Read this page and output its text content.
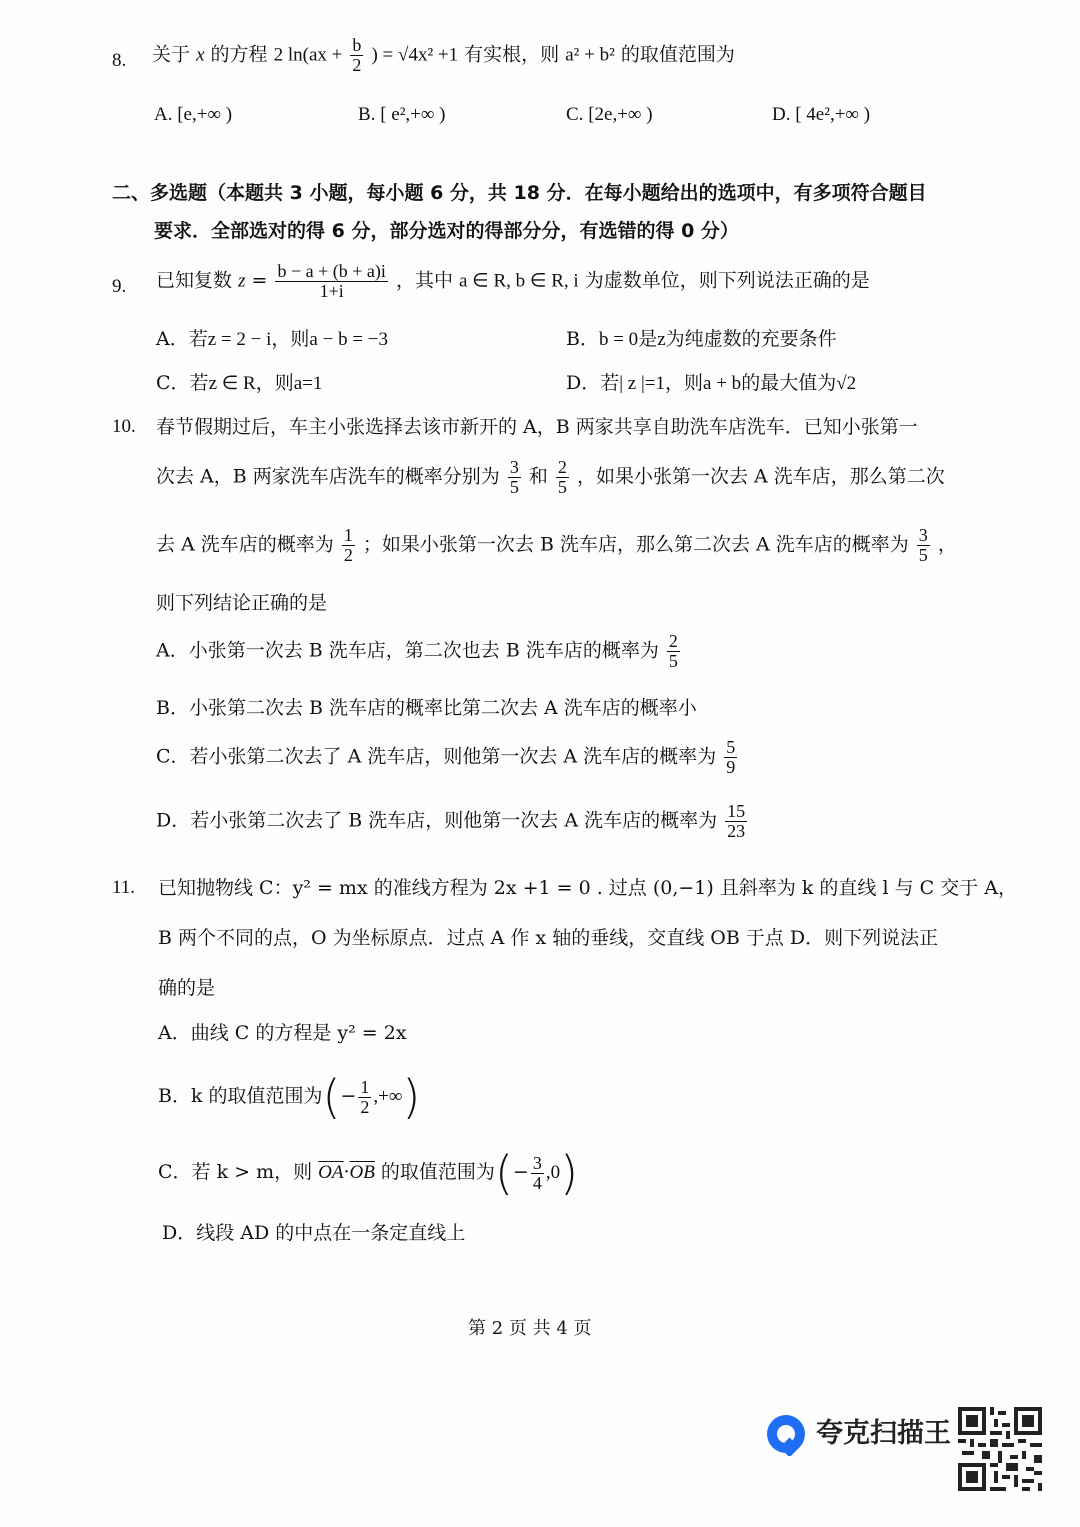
8. 关于 x 的方程 2 $\ln(ax + \frac{b}{2}$ ) = √4x² +1 有实根，则 a² + b² 的取值范围为
A. [e,+∞ )	B. [ e²,+∞ )	C. [2e,+∞ )	D. [ 4e²,+∞ )
二、多选题（本题共 3 小题，每小题 6 分，共 18 分．在每小题给出的选项中，有多项符合题目
要求．全部选对的得 6 分，部分选对的得部分分，有选错的得 0 分）
9. 已知复数 $z = \frac{b - a + (b + a)i}{1+i}$ ，其中 a ∈ R, b ∈ R, i 为虚数单位，则下列说法正确的是
A．若z = 2 − i，则a − b = −3	B．b = 0是z为纯虚数的充要条件
C．若z ∈ R，则a=1	D．若| z |=1，则a + b的最大值为√2
10. 春节假期过后，车主小张选择去该市新开的 A，B 两家共享自助洗车店洗车．已知小张第一
次去 A，B 两家洗车店洗车的概率分别为 $\frac{3}{5}$ 和 $\frac{2}{5}$ ，如果小张第一次去 A 洗车店，那么第二次
去 A 洗车店的概率为 $\frac{1}{2}$ ；如果小张第一次去 B 洗车店，那么第二次去 A 洗车店的概率为 $\frac{3}{5}$ ，
则下列结论正确的是
A．小张第一次去 B 洗车店，第二次也去 B 洗车店的概率为 $\frac{2}{5}$
B．小张第二次去 B 洗车店的概率比第二次去 A 洗车店的概率小
C．若小张第二次去了 A 洗车店，则他第一次去 A 洗车店的概率为 $\frac{5}{9}$
D．若小张第二次去了 B 洗车店，则他第一次去 A 洗车店的概率为 $\frac{15}{23}$
11. 已知抛物线 C：y² = mx 的准线方程为 2x +1 = 0 . 过点 (0,−1) 且斜率为 k 的直线 l 与 C 交于 A，
B 两个不同的点，O 为坐标原点．过点 A 作 x 轴的垂线，交直线 OB 于点 D．则下列说法正
确的是
A．曲线 C 的方程是 y² = 2x
B．k 的取值范围为(− $\frac{1}{2}$ ,+∞)
C．若 k > m，则 $\overline{OA}\cdot\overline{OB}$ 的取值范围为(− $\frac{3}{4} ,0$)
D．线段 AD 的中点在一条定直线上
第 2 页 共 4 页
夸克扫描王
